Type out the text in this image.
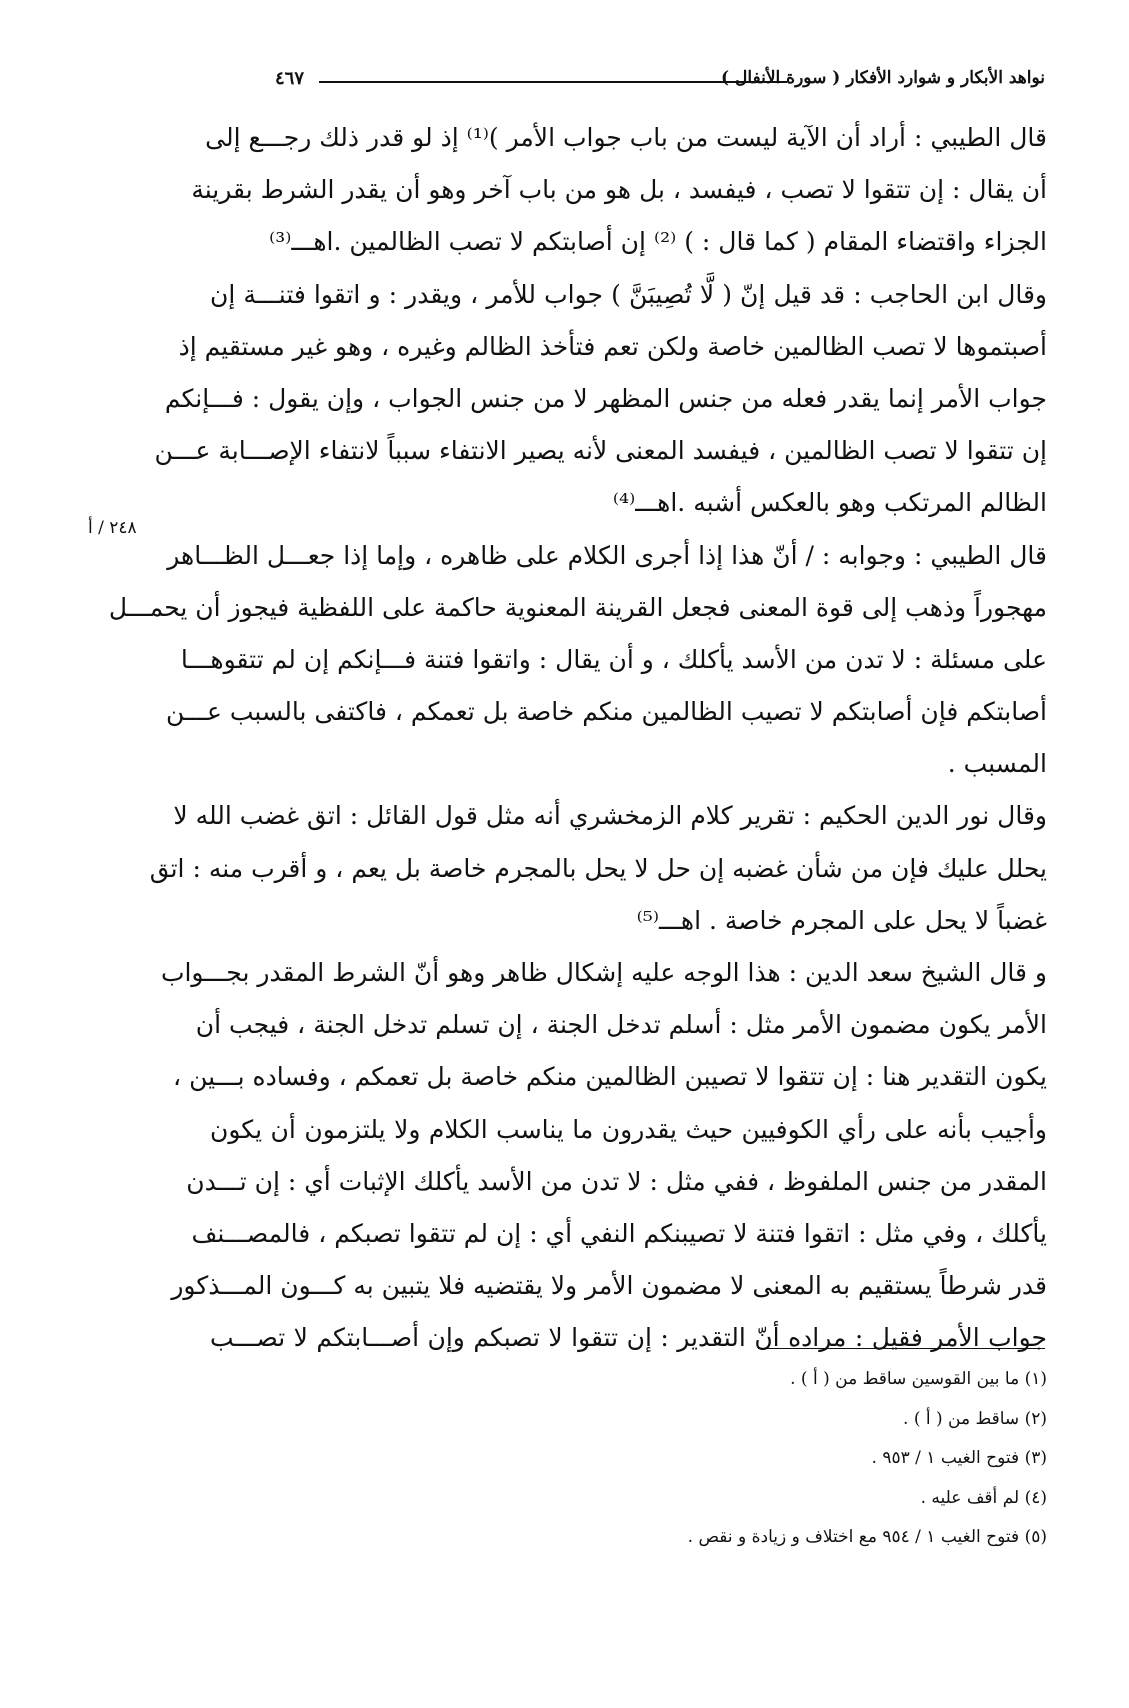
نواهد الأبكار و شوارد الأفكار ( سورة الأنفال )
٤٦٧
٢٤٨ / أ
قال الطيبي : أراد أن الآية ليست من باب جواب الأمر )⁽¹⁾ إذ لو قدر ذلك رجـــع إلى
أن يقال : إن تتقوا لا تصب ، فيفسد ، بل هو من باب آخر وهو أن يقدر الشرط بقرينة
الجزاء واقتضاء المقام ( كما قال : ) ⁽²⁾ إن أصابتكم لا تصب الظالمين .اهـــ⁽³⁾
وقال ابن الحاجب : قد قيل إنّ ( لَّا تُصِيبَنَّ ) جواب للأمر ، ويقدر : و اتقوا فتنـــة إن
أصبتموها لا تصب الظالمين خاصة ولكن تعم فتأخذ الظالم وغيره ، وهو غير مستقيم إذ
جواب الأمر إنما يقدر فعله من جنس المظهر لا من جنس الجواب ، وإن يقول : فـــإنكم
إن تتقوا لا تصب الظالمين ، فيفسد المعنى لأنه يصير الانتفاء سبباً لانتفاء الإصـــابة عـــن
الظالم المرتكب وهو بالعكس أشبه .اهـــ⁽⁴⁾
قال الطيبي : وجوابه : / أنّ هذا إذا أجرى الكلام على ظاهره ، وإما إذا جعـــل الظـــاهر
مهجوراً وذهب إلى قوة المعنى فجعل القرينة المعنوية حاكمة على اللفظية فيجوز أن يحمـــل
على مسئلة : لا تدن من الأسد يأكلك ، و أن يقال : واتقوا فتنة فـــإنكم إن لم تتقوهـــا
أصابتكم فإن أصابتكم لا تصيب الظالمين منكم خاصة بل تعمكم ، فاكتفى بالسبب عـــن
المسبب .
وقال نور الدين الحكيم : تقرير كلام الزمخشري أنه مثل قول القائل : اتق غضب الله لا
يحلل عليك فإن من شأن غضبه إن حل لا يحل بالمجرم خاصة بل يعم ، و أقرب منه : اتق
غضباً لا يحل على المجرم خاصة . اهـــ⁽⁵⁾
و قال الشيخ سعد الدين : هذا الوجه عليه إشكال ظاهر وهو أنّ الشرط المقدر بجـــواب
الأمر يكون مضمون الأمر مثل : أسلم تدخل الجنة ، إن تسلم تدخل الجنة ، فيجب أن
يكون التقدير هنا : إن تتقوا لا تصيبن الظالمين منكم خاصة بل تعمكم ، وفساده بـــين ،
وأجيب بأنه على رأي الكوفيين حيث يقدرون ما يناسب الكلام ولا يلتزمون أن يكون
المقدر من جنس الملفوظ ، ففي مثل : لا تدن من الأسد يأكلك الإثبات أي : إن تـــدن
يأكلك ، وفي مثل : اتقوا فتنة لا تصيبنكم النفي أي : إن لم تتقوا تصبكم ، فالمصـــنف
قدر شرطاً يستقيم به المعنى لا مضمون الأمر ولا يقتضيه فلا يتبين به كـــون المـــذكور
جواب الأمر فقيل : مراده أنّ التقدير : إن تتقوا لا تصبكم وإن أصـــابتكم لا تصـــب
(١) ما بين القوسين ساقط من ( أ ) .
(٢) ساقط من ( أ ) .
(٣) فتوح الغيب ١ / ٩٥٣ .
(٤) لم أقف عليه .
(٥) فتوح الغيب ١ / ٩٥٤ مع اختلاف و زيادة و نقص .
